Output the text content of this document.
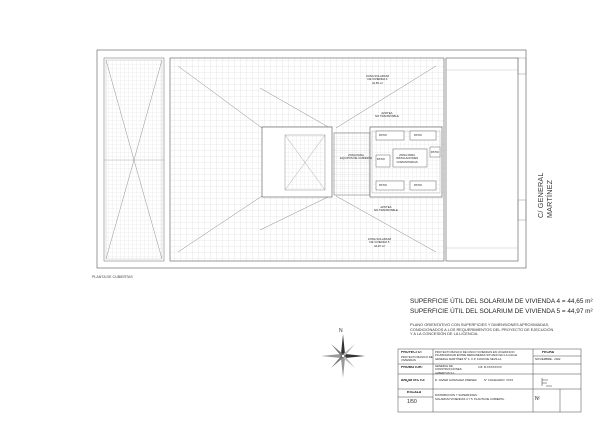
ZONA SOLARIUM
DE VIVIENDA 4
44,65 m²
AZOTEA
NO TRANSITABLE
ZONA PARA
EQUIPOS DE CUBIERTA
ZONA PARA
INSTALACIONES
COMUNITARIAS
AZOTEA
NO TRANSITABLE
ZONA SOLARIUM
DE VIVIENDA 5
44,97 m²
PATIO	PATIO
PATIO
PATIO
PATIO	PATIO	C/ GENERAL MARTÍNEZ
PLANTA DE CUBIERTAS
SUPERFICIE ÚTIL DEL SOLARIUM DE VIVIENDA 4 = 44,65 m²
SUPERFICIE ÚTIL DEL SOLARIUM DE VIVIENDA 5 = 44,97 m²
PLANO ORIENTATIVO CON SUPERFICIES Y DIMENSIONES APROXIMADAS,
CONDICIONADOS A LOS REQUERIMIENTOS DEL PROYECTO DE EJECUCIÓN
Y A LA CONCESIÓN DE LA LICENCIA.
N
PROYECTO:
PROYECTO BÁSICO DE
VIVIENDAS
PROYECTO BÁSICO DE CINCO VIVIENDAS EN UN EDIFICIO PLURIFAMILIAR ENTRE MEDIANERAS SITUADO EN LA CALLE GENERAL MARTÍNEZ Nº 4, C.P. 41010 DE SEVILLA
FECHA
NOVIEMBRE - 2022
PROMOTOR:	GENERAL DE CONSTRUCCIONES ALBERTUS S.L.
CIF: B-XXXXXXXX
ARQUITECTO:	D. JAVIER GONZÁLEZ JIMÉNEZ	Nº COLEGIADO: XXXX
ESCALA
1/50
DISTRIBUCIÓN Y SUPERFICIES.
SOLARIUM VIVIENDAS 4 Y 5. PLANTA DE CUBIERTA.	Nº
